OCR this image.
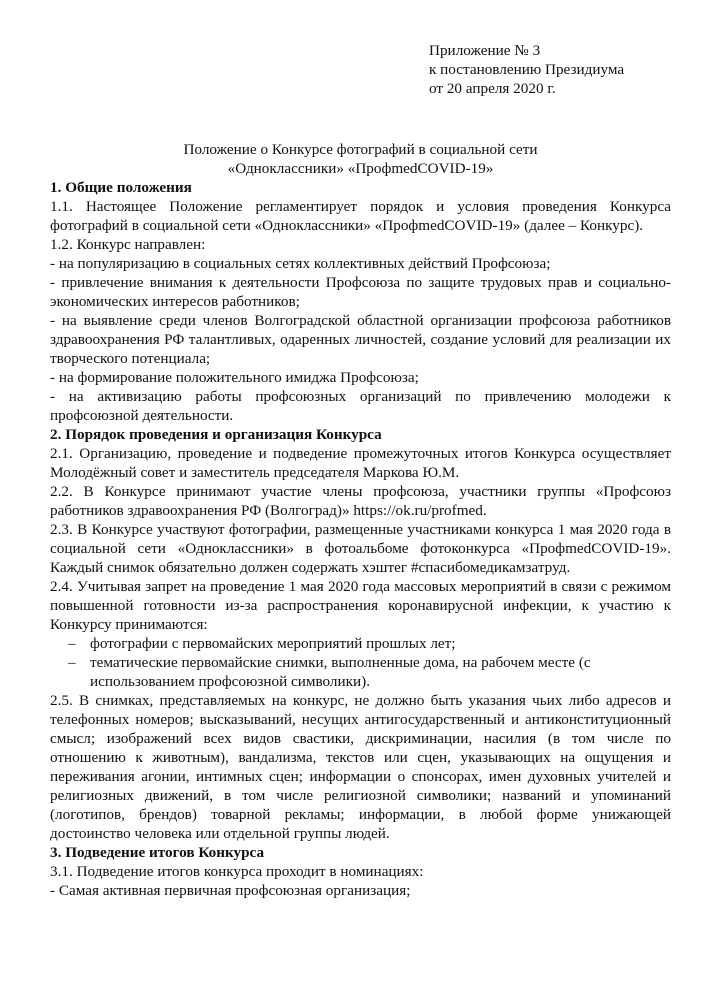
Приложение № 3
к постановлению Президиума
от 20 апреля 2020 г.
Положение о Конкурсе фотографий в социальной сети
«Одноклассники» «ПрофmedCOVID-19»
1. Общие положения
1.1. Настоящее Положение регламентирует порядок и условия проведения Конкурса фотографий в социальной сети «Одноклассники» «ПрофmedCOVID-19» (далее – Конкурс).
1.2. Конкурс направлен:
- на популяризацию в социальных сетях коллективных действий Профсоюза;
- привлечение внимания к деятельности Профсоюза по защите трудовых прав и социально-экономических интересов работников;
- на выявление среди членов Волгоградской областной организации профсоюза работников здравоохранения РФ талантливых, одаренных личностей, создание условий для реализации их творческого потенциала;
- на формирование положительного имиджа Профсоюза;
- на активизацию работы профсоюзных организаций по привлечению молодежи к профсоюзной деятельности.
2. Порядок проведения и организация Конкурса
2.1. Организацию, проведение и подведение промежуточных итогов Конкурса осуществляет Молодёжный совет и заместитель председателя Маркова Ю.М.
2.2. В Конкурсе принимают участие члены профсоюза, участники группы «Профсоюз работников здравоохранения РФ (Волгоград)» https://ok.ru/profmed.
2.3. В Конкурсе участвуют фотографии, размещенные участниками конкурса 1 мая 2020 года в социальной сети «Одноклассники» в фотоальбоме фотоконкурса «ПрофmedCOVID-19». Каждый снимок обязательно должен содержать хэштег #спасибомедикамзатруд.
2.4. Учитывая запрет на проведение 1 мая 2020 года массовых мероприятий в связи с режимом повышенной готовности из-за распространения коронавирусной инфекции, к участию к Конкурсу принимаются:
– фотографии с первомайских мероприятий прошлых лет;
– тематические первомайские снимки, выполненные дома, на рабочем месте (с использованием профсоюзной символики).
2.5. В снимках, представляемых на конкурс, не должно быть указания чьих либо адресов и телефонных номеров; высказываний, несущих антигосударственный и антиконституционный смысл; изображений всех видов свастики, дискриминации, насилия (в том числе по отношению к животным), вандализма, текстов или сцен, указывающих на ощущения и переживания агонии, интимных сцен; информации о спонсорах, имен духовных учителей и религиозных движений, в том числе религиозной символики; названий и упоминаний (логотипов, брендов) товарной рекламы; информации, в любой форме унижающей достоинство человека или отдельной группы людей.
3. Подведение итогов Конкурса
3.1. Подведение итогов конкурса проходит в номинациях:
- Самая активная первичная профсоюзная организация;
